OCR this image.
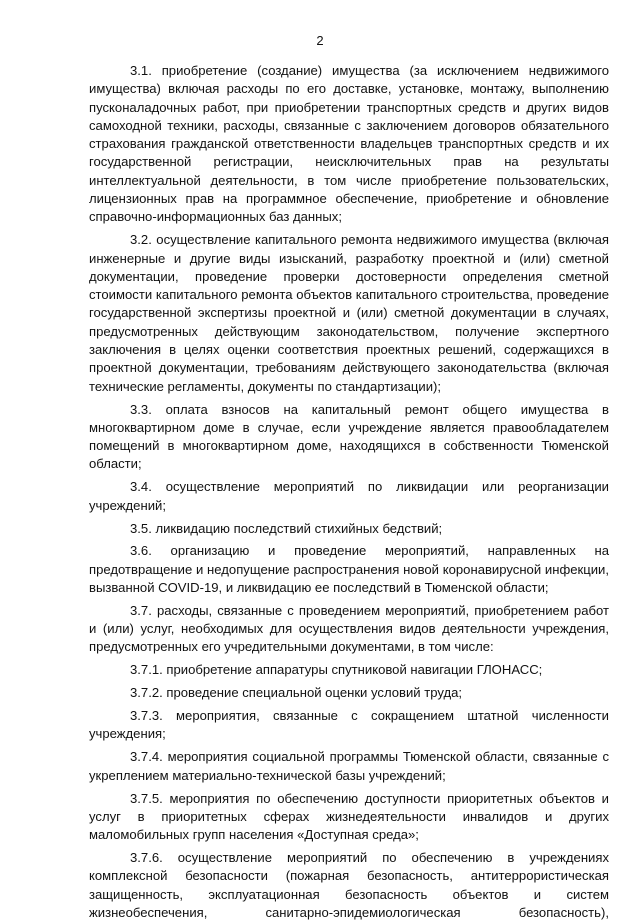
2

3.1. приобретение (создание) имущества (за исключением недвижимого имущества) включая расходы по его доставке, установке, монтажу, выполнению пусконаладочных работ, при приобретении транспортных средств и других видов самоходной техники, расходы, связанные с заключением договоров обязательного страхования гражданской ответственности владельцев транспортных средств и их государственной регистрации, неисключительных прав на результаты интеллектуальной деятельности, в том числе приобретение пользовательских, лицензионных прав на программное обеспечение, приобретение и обновление справочно-информационных баз данных;

3.2. осуществление капитального ремонта недвижимого имущества (включая инженерные и другие виды изысканий, разработку проектной и (или) сметной документации, проведение проверки достоверности определения сметной стоимости капитального ремонта объектов капитального строительства, проведение государственной экспертизы проектной и (или) сметной документации в случаях, предусмотренных действующим законодательством, получение экспертного заключения в целях оценки соответствия проектных решений, содержащихся в проектной документации, требованиям действующего законодательства (включая технические регламенты, документы по стандартизации);

3.3. оплата взносов на капитальный ремонт общего имущества в многоквартирном доме в случае, если учреждение является правообладателем помещений в многоквартирном доме, находящихся в собственности Тюменской области;

3.4. осуществление мероприятий по ликвидации или реорганизации учреждений;

3.5. ликвидацию последствий стихийных бедствий;

3.6. организацию и проведение мероприятий, направленных на предотвращение и недопущение распространения новой коронавирусной инфекции, вызванной COVID-19, и ликвидацию ее последствий в Тюменской области;

3.7. расходы, связанные с проведением мероприятий, приобретением работ и (или) услуг, необходимых для осуществления видов деятельности учреждения, предусмотренных его учредительными документами, в том числе:

3.7.1. приобретение аппаратуры спутниковой навигации ГЛОНАСС;

3.7.2. проведение специальной оценки условий труда;

3.7.3. мероприятия, связанные с сокращением штатной численности учреждения;

3.7.4. мероприятия социальной программы Тюменской области, связанные с укреплением материально-технической базы учреждений;

3.7.5. мероприятия по обеспечению доступности приоритетных объектов и услуг в приоритетных сферах жизнедеятельности инвалидов и других маломобильных групп населения «Доступная среда»;

3.7.6. осуществление мероприятий по обеспечению в учреждениях комплексной безопасности (пожарная безопасность, антитеррористическая защищенность, эксплуатационная безопасность объектов и систем жизнеобеспечения, санитарно-эпидемиологическая безопасность),
